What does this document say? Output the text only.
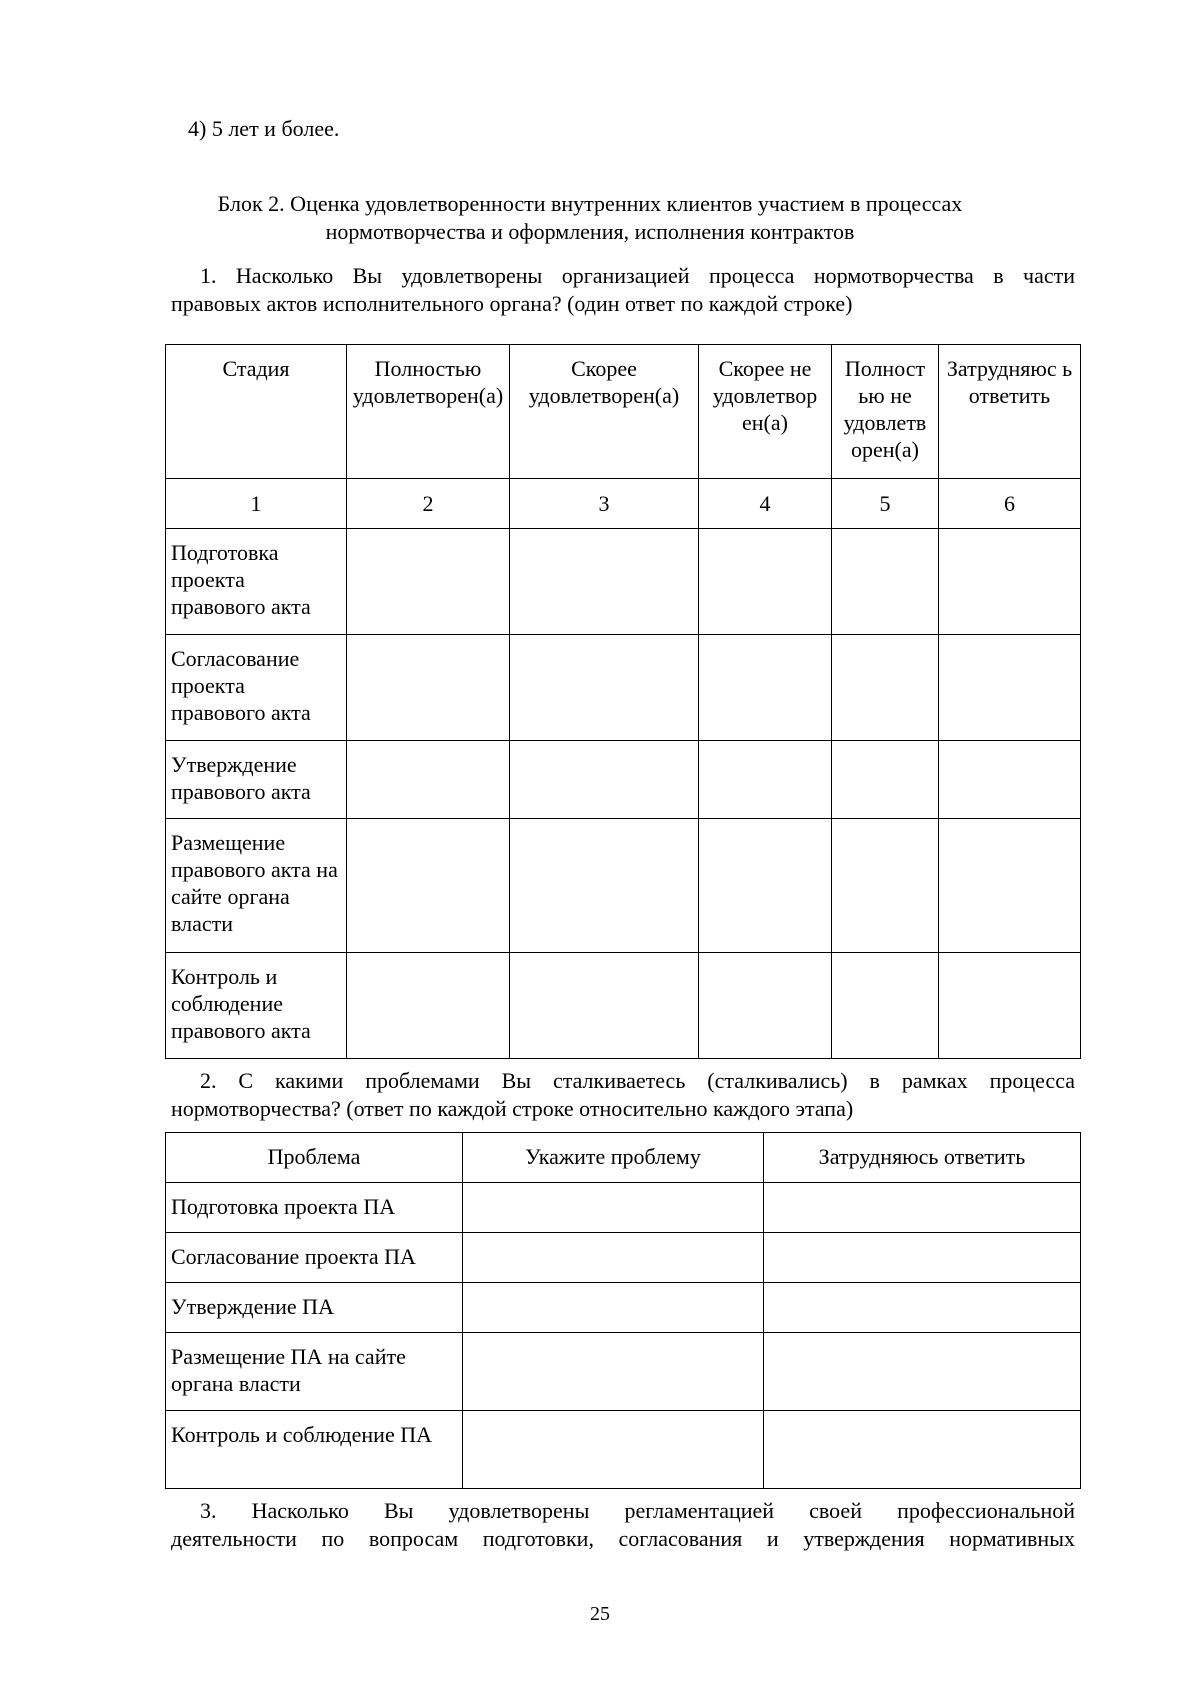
4) 5 лет и более.
Блок 2. Оценка удовлетворенности внутренних клиентов участием в процессах
нормотворчества и оформления, исполнения контрактов
1. Насколько Вы удовлетворены организацией процесса нормотворчества в части
правовых актов исполнительного органа? (один ответ по каждой строке)
Стадия	Полностью удовлетворен(а)	Скорее удовлетворен(а)	Скорее не удовлетвор ен(а)	Полност ью не удовлетв орен(а)	Затрудняюс ь ответить
1	2	3	4	5	6
Подготовка проекта правового акта					
Согласование проекта правового акта					
Утверждение правового акта					
Размещение правового акта на сайте органа власти					
Контроль и соблюдение правового акта					
2. С какими проблемами Вы сталкиваетесь (сталкивались) в рамках процесса
нормотворчества? (ответ по каждой строке относительно каждого этапа)
Проблема	Укажите проблему	Затрудняюсь ответить
Подготовка проекта ПА		
Согласование проекта ПА		
Утверждение ПА		
Размещение ПА на сайте органа власти		
Контроль и соблюдение ПА		
3. Насколько Вы удовлетворены регламентацией своей профессиональной
деятельности по вопросам подготовки, согласования и утверждения нормативных
25
